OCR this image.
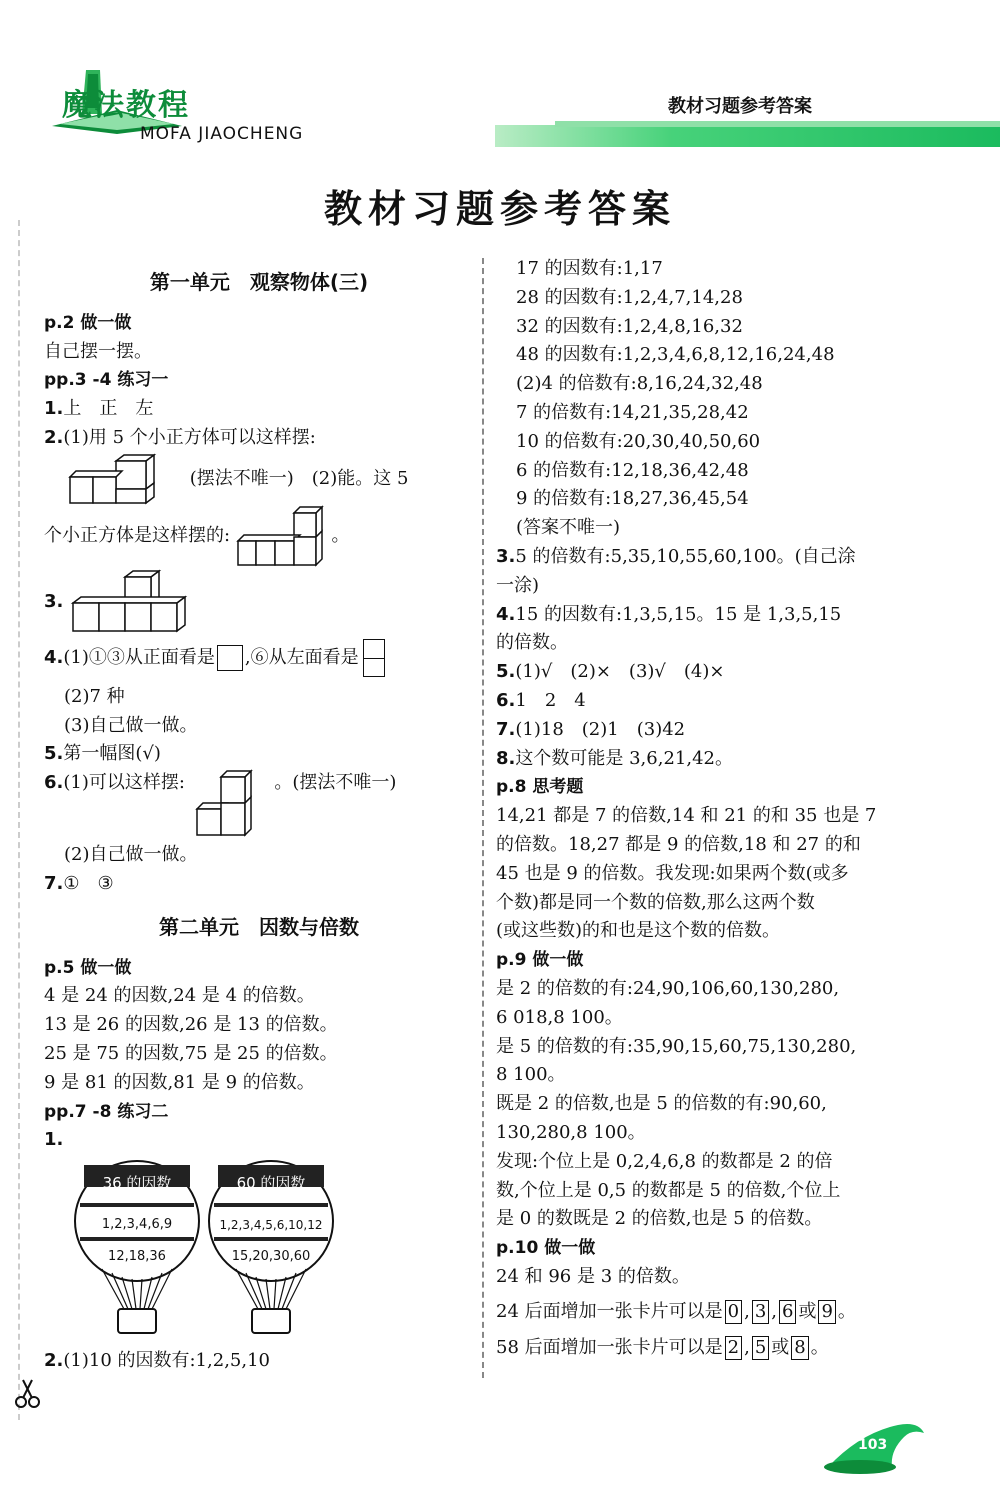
魔法教程
MOFA JIAOCHENG
教材习题参考答案
教材习题参考答案
第一单元　观察物体(三)
p.2 做一做
自己摆一摆。
pp.3 -4 练习一
1.上　正　左
2.(1)用 5 个小正方体可以这样摆:
(摆法不唯一)　(2)能。这 5
个小正方体是这样摆的:	。
3.
4.(1)①③从正面看是 ,⑥从左面看是
(2)7 种
(3)自己做一做。
5.第一幅图(√)
6.(1)可以这样摆:	。(摆法不唯一)
(2)自己做一做。
7.①　③
第二单元　因数与倍数
p.5 做一做
4 是 24 的因数,24 是 4 的倍数。
13 是 26 的因数,26 是 13 的倍数。
25 是 75 的因数,75 是 25 的倍数。
9 是 81 的因数,81 是 9 的倍数。
pp.7 -8 练习二
1.
36 的因数
1,2,3,4,6,9
12,18,36
60 的因数
1,2,3,4,5,6,10,12
15,20,30,60
2.(1)10 的因数有:1,2,5,10
17 的因数有:1,17
28 的因数有:1,2,4,7,14,28
32 的因数有:1,2,4,8,16,32
48 的因数有:1,2,3,4,6,8,12,16,24,48
(2)4 的倍数有:8,16,24,32,48
7 的倍数有:14,21,35,28,42
10 的倍数有:20,30,40,50,60
6 的倍数有:12,18,36,42,48
9 的倍数有:18,27,36,45,54
(答案不唯一)
3.5 的倍数有:5,35,10,55,60,100。(自己涂
一涂)
4.15 的因数有:1,3,5,15。15 是 1,3,5,15
的倍数。
5.(1)√　(2)×　(3)√　(4)×
6.1　2　4
7.(1)18　(2)1　(3)42
8.这个数可能是 3,6,21,42。
p.8 思考题
14,21 都是 7 的倍数,14 和 21 的和 35 也是 7
的倍数。18,27 都是 9 的倍数,18 和 27 的和
45 也是 9 的倍数。我发现:如果两个数(或多
个数)都是同一个数的倍数,那么这两个数
(或这些数)的和也是这个数的倍数。
p.9 做一做
是 2 的倍数的有:24,90,106,60,130,280,
6 018,8 100。
是 5 的倍数的有:35,90,15,60,75,130,280,
8 100。
既是 2 的倍数,也是 5 的倍数的有:90,60,
130,280,8 100。
发现:个位上是 0,2,4,6,8 的数都是 2 的倍
数,个位上是 0,5 的数都是 5 的倍数,个位上
是 0 的数既是 2 的倍数,也是 5 的倍数。
p.10 做一做
24 和 96 是 3 的倍数。
24 后面增加一张卡片可以是 0 , 3 , 6 或 9 。
58 后面增加一张卡片可以是 2 , 5 或 8 。
103
